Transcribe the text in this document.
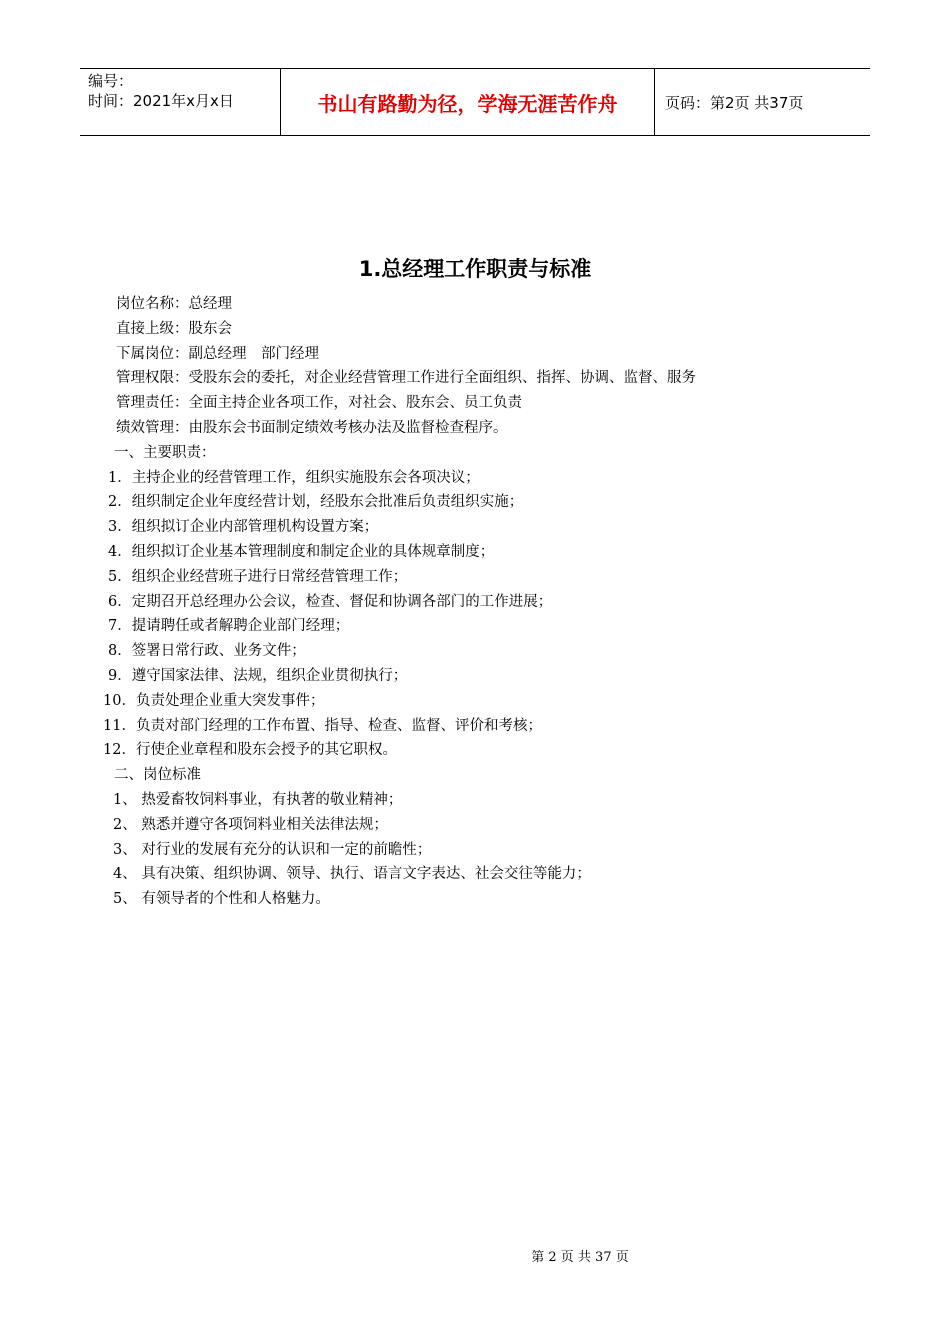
编号：
时间：2021年x月x日	书山有路勤为径，学海无涯苦作舟	页码：第2页 共37页
1.总经理工作职责与标准
岗位名称：总经理
直接上级：股东会
下属岗位：副总经理　部门经理
管理权限：受股东会的委托，对企业经营管理工作进行全面组织、指挥、协调、监督、服务
管理责任：全面主持企业各项工作，对社会、股东会、员工负责
绩效管理：由股东会书面制定绩效考核办法及监督检查程序。
一、主要职责：
1．主持企业的经营管理工作，组织实施股东会各项决议；
2．组织制定企业年度经营计划，经股东会批准后负责组织实施；
3．组织拟订企业内部管理机构设置方案；
4．组织拟订企业基本管理制度和制定企业的具体规章制度；
5．组织企业经营班子进行日常经营管理工作；
6．定期召开总经理办公会议，检查、督促和协调各部门的工作进展；
7．提请聘任或者解聘企业部门经理；
8．签署日常行政、业务文件；
9．遵守国家法律、法规，组织企业贯彻执行；
10．负责处理企业重大突发事件；
11．负责对部门经理的工作布置、指导、检查、监督、评价和考核；
12．行使企业章程和股东会授予的其它职权。
二、岗位标准
1、 热爱畜牧饲料事业，有执著的敬业精神；
2、 熟悉并遵守各项饲料业相关法律法规；
3、 对行业的发展有充分的认识和一定的前瞻性；
4、 具有决策、组织协调、领导、执行、语言文字表达、社会交往等能力；
5、 有领导者的个性和人格魅力。
第 2 页 共 37 页
